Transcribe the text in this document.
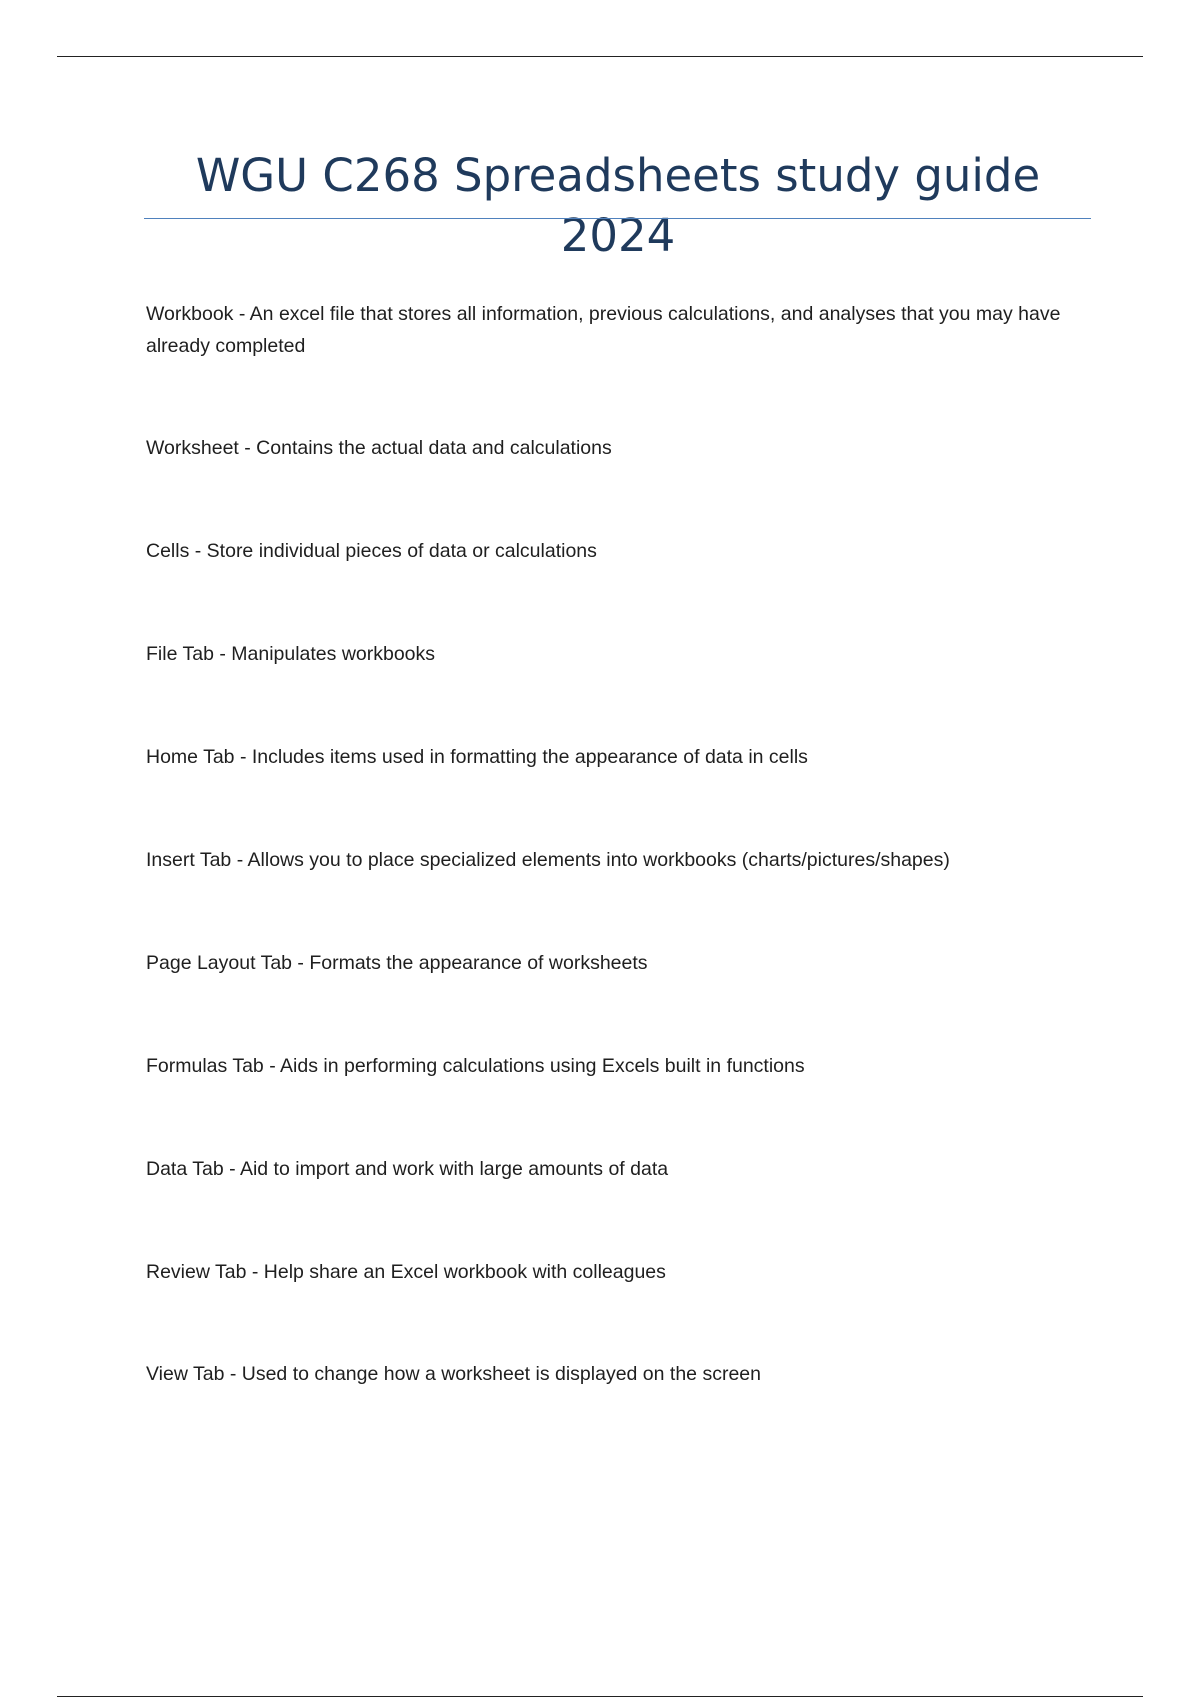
WGU C268 Spreadsheets study guide 2024
Workbook - An excel file that stores all information, previous calculations, and analyses that you may have already completed
Worksheet - Contains the actual data and calculations
Cells - Store individual pieces of data or calculations
File Tab - Manipulates workbooks
Home Tab - Includes items used in formatting the appearance of data in cells
Insert Tab - Allows you to place specialized elements into workbooks (charts/pictures/shapes)
Page Layout Tab - Formats the appearance of worksheets
Formulas Tab - Aids in performing calculations using Excels built in functions
Data Tab - Aid to import and work with large amounts of data
Review Tab - Help share an Excel workbook with colleagues
View Tab - Used to change how a worksheet is displayed on the screen
